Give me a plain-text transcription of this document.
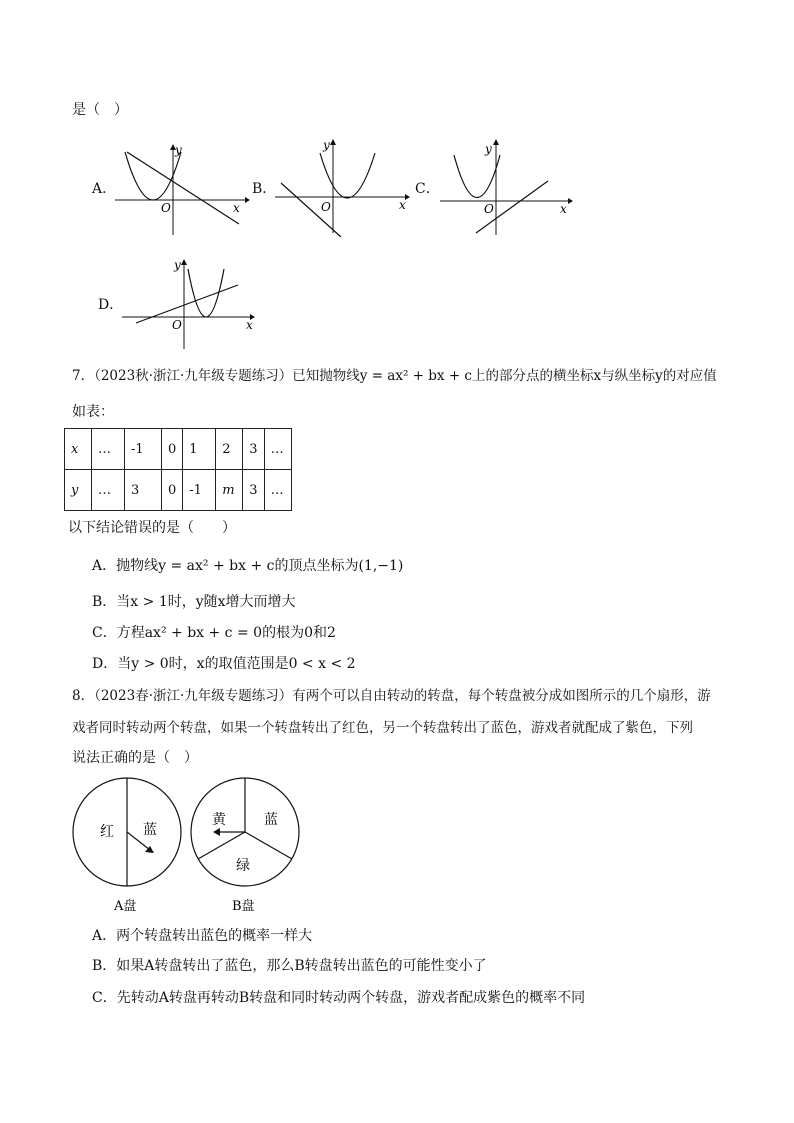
是（　）
A．
x
y
O
B．
x
y
O
C．
x
y
O
D．
x
y
O
7．（2023秋·浙江·九年级专题练习）已知抛物线y = ax² + bx + c上的部分点的横坐标x与纵坐标y的对应值
如表：
x	…	-1	0	1	2	3	…
y	…	3	0	-1	m	3	…
以下结论错误的是（　　）
A．抛物线y = ax² + bx + c的顶点坐标为(1,−1)
B．当x > 1时，y随x增大而增大
C．方程ax² + bx + c = 0的根为0和2
D．当y > 0时，x的取值范围是0 < x < 2
8．（2023春·浙江·九年级专题练习）有两个可以自由转动的转盘，每个转盘被分成如图所示的几个扇形，游
戏者同时转动两个转盘，如果一个转盘转出了红色，另一个转盘转出了蓝色，游戏者就配成了紫色，下列
说法正确的是（　）
红 蓝
A盘
黄	蓝
绿
B盘
A．两个转盘转出蓝色的概率一样大
B．如果A转盘转出了蓝色，那么B转盘转出蓝色的可能性变小了
C．先转动A转盘再转动B转盘和同时转动两个转盘，游戏者配成紫色的概率不同
